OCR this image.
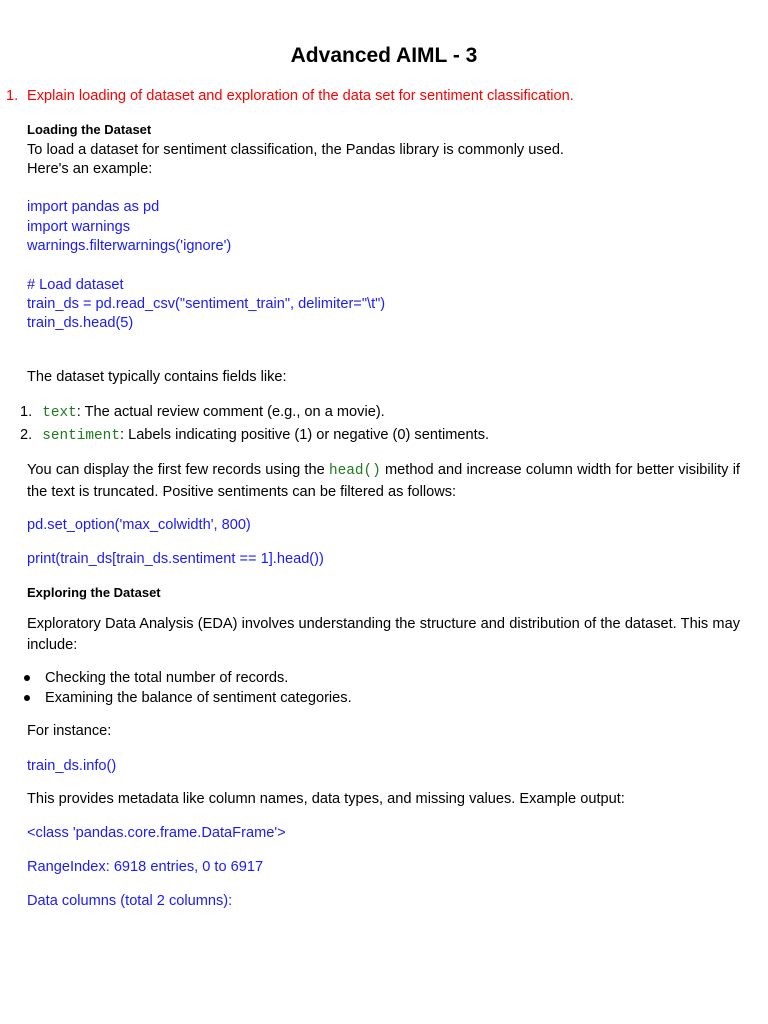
Advanced AIML - 3
1. Explain loading of dataset and exploration of the data set for sentiment classification.
Loading the Dataset
To load a dataset for sentiment classification, the Pandas library is commonly used.
Here's an example:
import pandas as pd
import warnings
warnings.filterwarnings('ignore')
# Load dataset
train_ds = pd.read_csv("sentiment_train", delimiter="\t")
train_ds.head(5)
The dataset typically contains fields like:
1. text: The actual review comment (e.g., on a movie).
2. sentiment: Labels indicating positive (1) or negative (0) sentiments.
You can display the first few records using the head() method and increase column width for better visibility if the text is truncated. Positive sentiments can be filtered as follows:
pd.set_option('max_colwidth', 800)
print(train_ds[train_ds.sentiment == 1].head())
Exploring the Dataset
Exploratory Data Analysis (EDA) involves understanding the structure and distribution of the dataset. This may include:
Checking the total number of records.
Examining the balance of sentiment categories.
For instance:
train_ds.info()
This provides metadata like column names, data types, and missing values. Example output:
<class 'pandas.core.frame.DataFrame'>
RangeIndex: 6918 entries, 0 to 6917
Data columns (total 2 columns):
